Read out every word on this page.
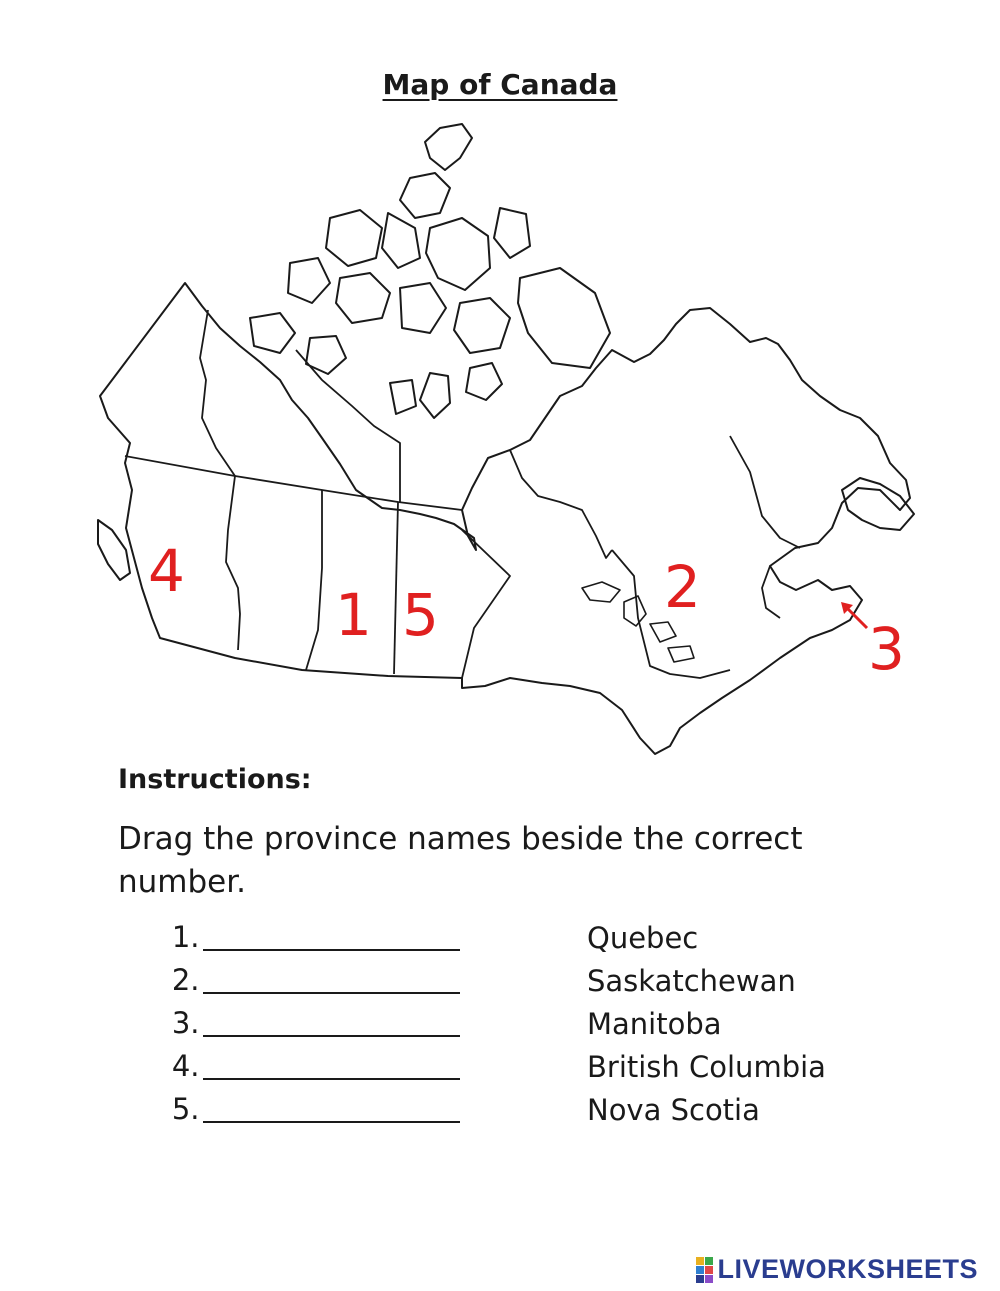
Map of Canada
4
1 5	2
3
Instructions:
Drag the province names beside the correct number.
1.
2.
3.
4.
5.
Quebec
Saskatchewan
Manitoba
British Columbia
Nova Scotia
LIVEWORKSHEETS
